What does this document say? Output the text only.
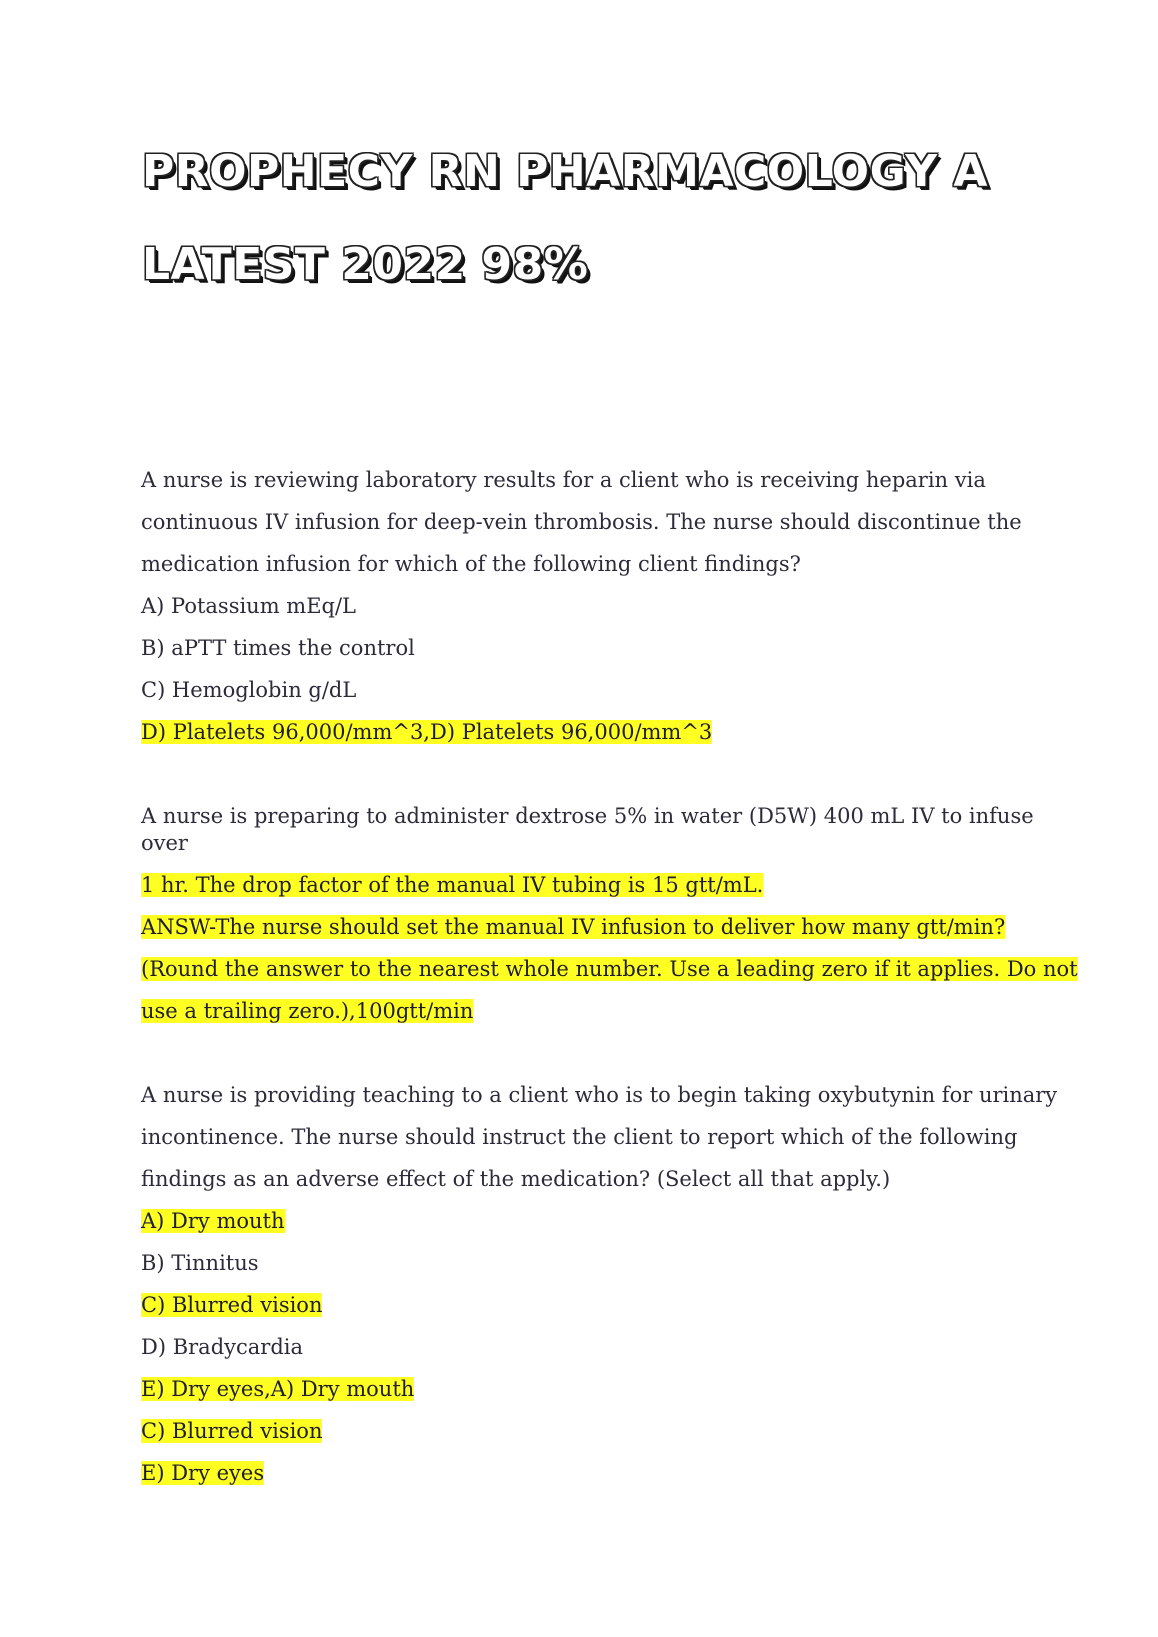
PROPHECY RN PHARMACOLOGY A
LATEST 2022 98%
A nurse is reviewing laboratory results for a client who is receiving heparin via
continuous IV infusion for deep-vein thrombosis. The nurse should discontinue the
medication infusion for which of the following client findings?
A) Potassium mEq/L
B) aPTT times the control
C) Hemoglobin g/dL
D) Platelets 96,000/mm^3,D) Platelets 96,000/mm^3
A nurse is preparing to administer dextrose 5% in water (D5W) 400 mL IV to infuse
over
1 hr. The drop factor of the manual IV tubing is 15 gtt/mL.
ANSW-The nurse should set the manual IV infusion to deliver how many gtt/min?
(Round the answer to the nearest whole number. Use a leading zero if it applies. Do not
use a trailing zero.),100gtt/min
A nurse is providing teaching to a client who is to begin taking oxybutynin for urinary
incontinence. The nurse should instruct the client to report which of the following
findings as an adverse effect of the medication? (Select all that apply.)
A) Dry mouth
B) Tinnitus
C) Blurred vision
D) Bradycardia
E) Dry eyes,A) Dry mouth
C) Blurred vision
E) Dry eyes
